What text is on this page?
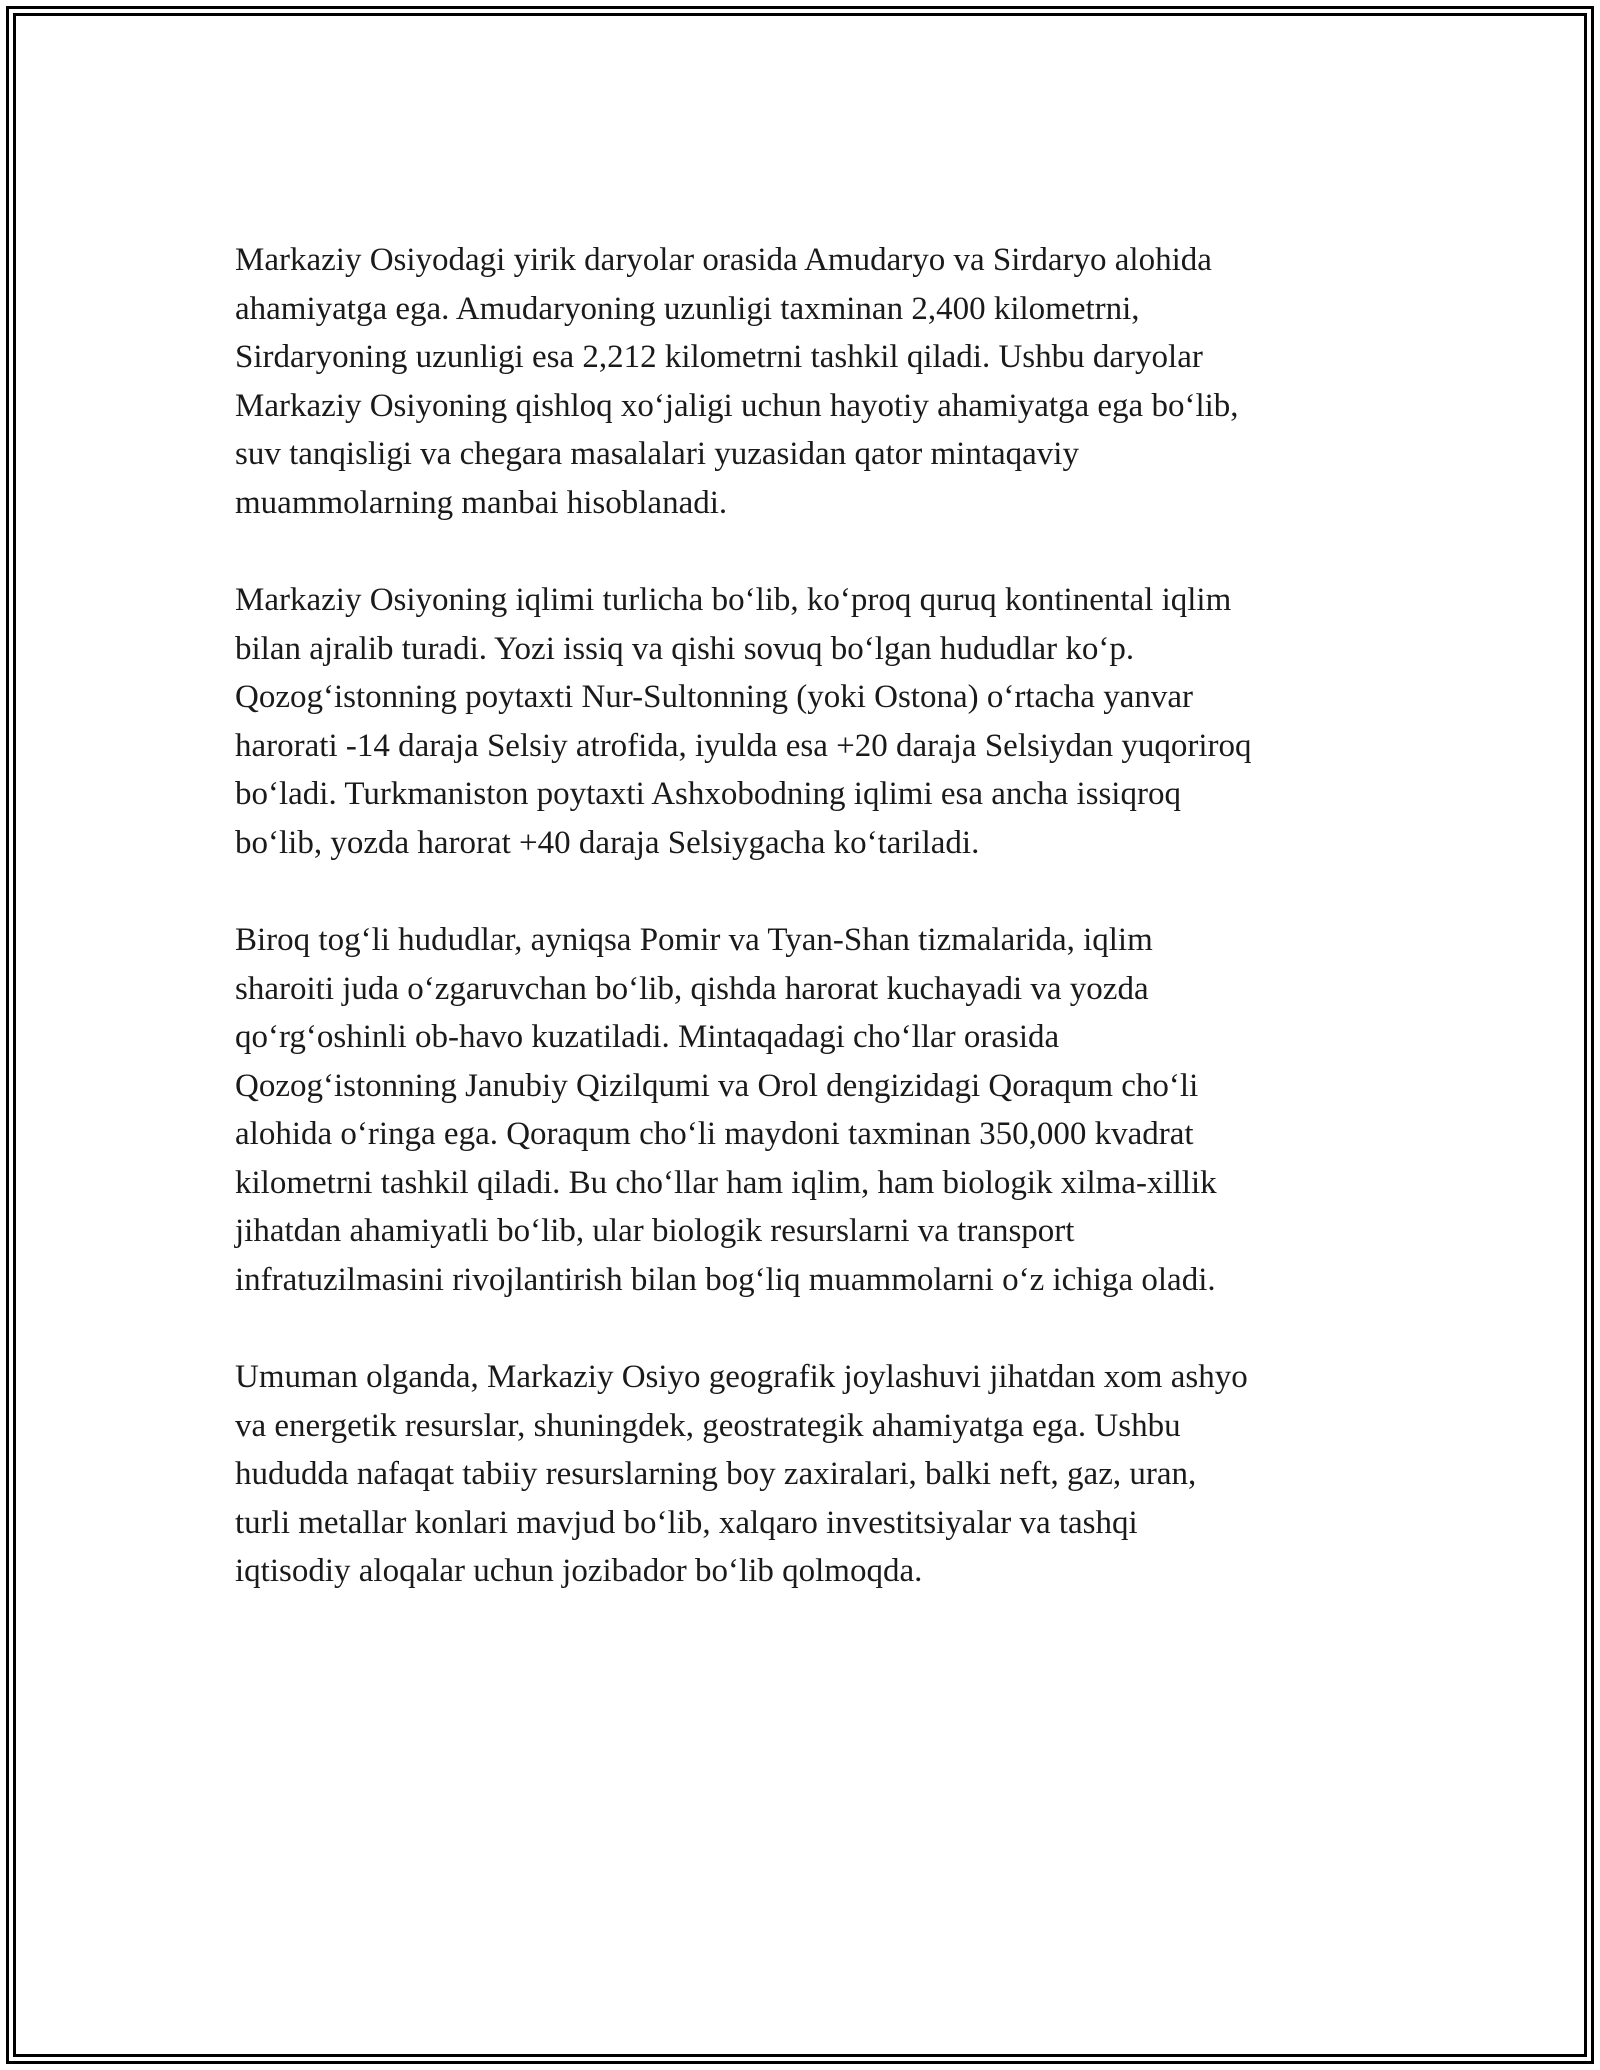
Markaziy Osiyodagi yirik daryolar orasida Amudaryo va Sirdaryo alohida
ahamiyatga ega. Amudaryoning uzunligi taxminan 2,400 kilometrni,
Sirdaryoning uzunligi esa 2,212 kilometrni tashkil qiladi. Ushbu daryolar
Markaziy Osiyoning qishloq xo‘jaligi uchun hayotiy ahamiyatga ega bo‘lib,
suv tanqisligi va chegara masalalari yuzasidan qator mintaqaviy
muammolarning manbai hisoblanadi.

Markaziy Osiyoning iqlimi turlicha bo‘lib, ko‘proq quruq kontinental iqlim
bilan ajralib turadi. Yozi issiq va qishi sovuq bo‘lgan hududlar ko‘p.
Qozog‘istonning poytaxti Nur-Sultonning (yoki Ostona) o‘rtacha yanvar
harorati -14 daraja Selsiy atrofida, iyulda esa +20 daraja Selsiydan yuqoriroq
bo‘ladi. Turkmaniston poytaxti Ashxobodning iqlimi esa ancha issiqroq
bo‘lib, yozda harorat +40 daraja Selsiygacha ko‘tariladi.

Biroq tog‘li hududlar, ayniqsa Pomir va Tyan-Shan tizmalarida, iqlim
sharoiti juda o‘zgaruvchan bo‘lib, qishda harorat kuchayadi va yozda
qo‘rg‘oshinli ob-havo kuzatiladi. Mintaqadagi cho‘llar orasida
Qozog‘istonning Janubiy Qizilqumi va Orol dengizidagi Qoraqum cho‘li
alohida o‘ringa ega. Qoraqum cho‘li maydoni taxminan 350,000 kvadrat
kilometrni tashkil qiladi. Bu cho‘llar ham iqlim, ham biologik xilma-xillik
jihatdan ahamiyatli bo‘lib, ular biologik resurslarni va transport
infratuzilmasini rivojlantirish bilan bog‘liq muammolarni o‘z ichiga oladi.

Umuman olganda, Markaziy Osiyo geografik joylashuvi jihatdan xom ashyo
va energetik resurslar, shuningdek, geostrategik ahamiyatga ega. Ushbu
hududda nafaqat tabiiy resurslarning boy zaxiralari, balki neft, gaz, uran,
turli metallar konlari mavjud bo‘lib, xalqaro investitsiyalar va tashqi
iqtisodiy aloqalar uchun jozibador bo‘lib qolmoqda.
